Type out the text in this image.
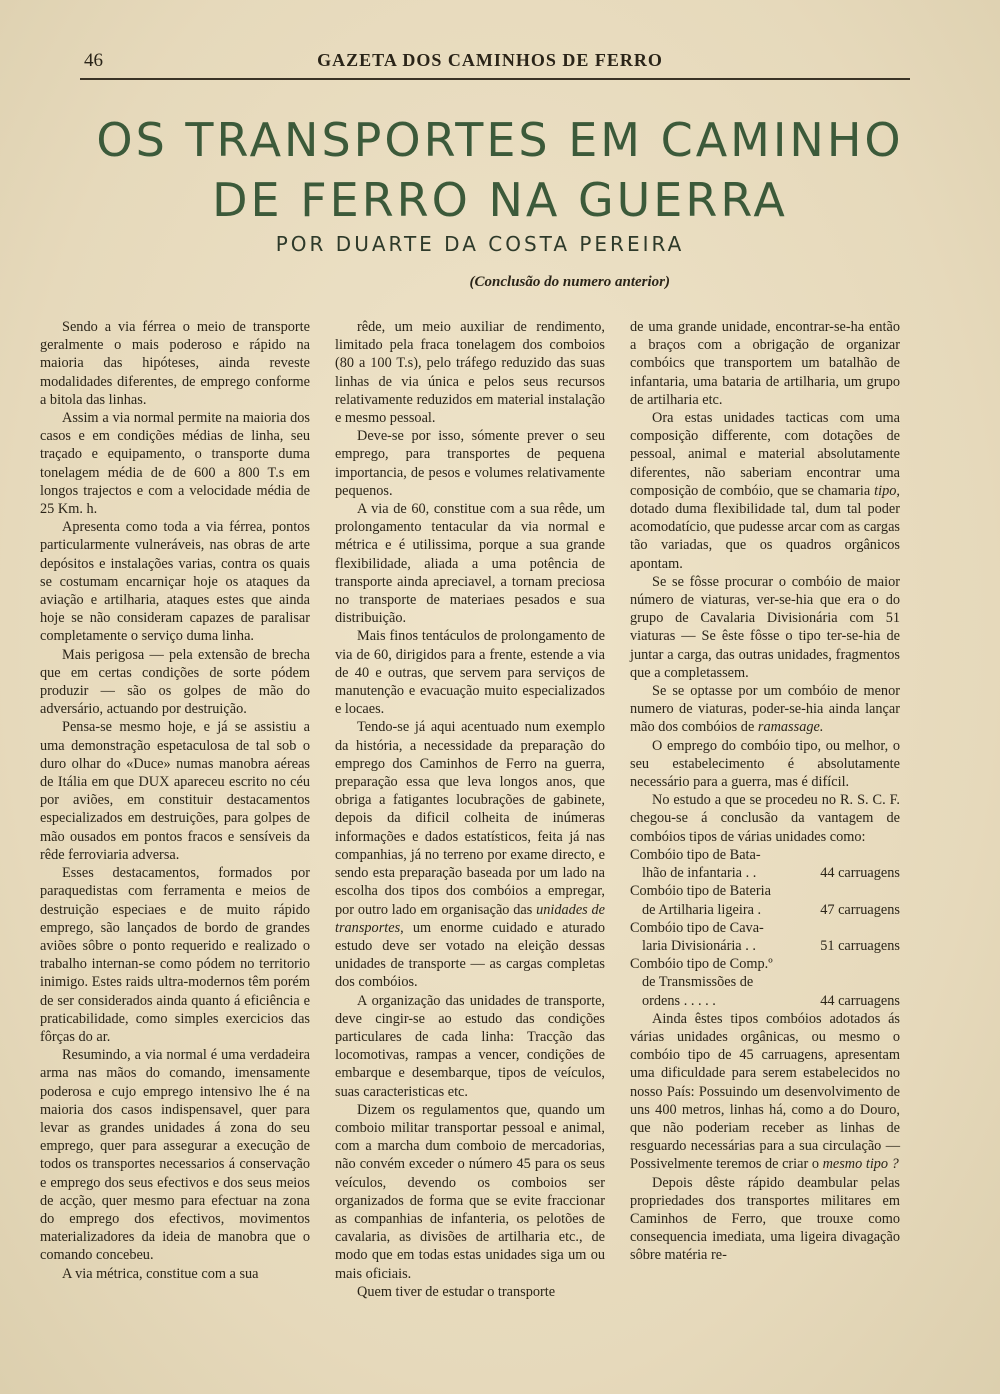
46	GAZETA DOS CAMINHOS DE FERRO
OS TRANSPORTES EM CAMINHO
DE FERRO NA GUERRA
POR DUARTE DA COSTA PEREIRA
(Conclusão do numero anterior)

Sendo a via férrea o meio de transporte geralmente o mais poderoso e rápido na maioria das hipóteses, ainda reveste modalidades diferentes, de emprego conforme a bitola das linhas.

Assim a via normal permite na maioria dos casos e em condições médias de linha, seu traçado e equipamento, o transporte duma tonelagem média de de 600 a 800 T.s em longos trajectos e com a velocidade média de 25 Km. h.

Apresenta como toda a via férrea, pontos particularmente vulneráveis, nas obras de arte depósitos e instalações varias, contra os quais se costumam encarniçar hoje os ataques da aviação e artilharia, ataques estes que ainda hoje se não consideram capazes de paralisar completamente o serviço duma linha.

Mais perigosa — pela extensão de brecha que em certas condições de sorte pódem produzir — são os golpes de mão do adversário, actuando por destruição.

Pensa-se mesmo hoje, e já se assistiu a uma demonstração espetaculosa de tal sob o duro olhar do «Duce» numas manobra aéreas de Itália em que DUX apareceu escrito no céu por aviões, em constituir destacamentos especializados em destruições, para golpes de mão ousados em pontos fracos e sensíveis da rêde ferroviaria adversa.

Esses destacamentos, formados por paraquedistas com ferramenta e meios de destruição especiaes e de muito rápido emprego, são lançados de bordo de grandes aviões sôbre o ponto requerido e realizado o trabalho internan-se como pódem no territorio inimigo. Estes raids ultra-modernos têm porém de ser considerados ainda quanto á eficiência e praticabilidade, como simples exercicios das fôrças do ar.

Resumindo, a via normal é uma verdadeira arma nas mãos do comando, imensamente poderosa e cujo emprego intensivo lhe é na maioria dos casos indispensavel, quer para levar as grandes unidades á zona do seu emprego, quer para assegurar a execução de todos os transportes necessarios á conservação e emprego dos seus efectivos e dos seus meios de acção, quer mesmo para efectuar na zona do emprego dos efectivos, movimentos materializadores da ideia de manobra que o comando concebeu.

A via métrica, constitue com a sua

rêde, um meio auxiliar de rendimento, limitado pela fraca tonelagem dos comboios (80 a 100 T.s), pelo tráfego reduzido das suas linhas de via única e pelos seus recursos relativamente reduzidos em material instalação e mesmo pessoal.

Deve-se por isso, sómente prever o seu emprego, para transportes de pequena importancia, de pesos e volumes relativamente pequenos.

A via de 60, constitue com a sua rêde, um prolongamento tentacular da via normal e métrica e é utilissima, porque a sua grande flexibilidade, aliada a uma potência de transporte ainda apreciavel, a tornam preciosa no transporte de materiaes pesados e sua distribuição.

Mais finos tentáculos de prolongamento de via de 60, dirigidos para a frente, estende a via de 40 e outras, que servem para serviços de manutenção e evacuação muito especializados e locaes.

Tendo-se já aqui acentuado num exemplo da história, a necessidade da preparação do emprego dos Caminhos de Ferro na guerra, preparação essa que leva longos anos, que obriga a fatigantes locubrações de gabinete, depois da dificil colheita de inúmeras informações e dados estatísticos, feita já nas companhias, já no terreno por exame directo, e sendo esta preparação baseada por um lado na escolha dos tipos dos combóios a empregar, por outro lado em organisação das unidades de transportes, um enorme cuidado e aturado estudo deve ser votado na eleição dessas unidades de transporte — as cargas completas dos combóios.

A organização das unidades de transporte, deve cingir-se ao estudo das condições particulares de cada linha: Tracção das locomotivas, rampas a vencer, condições de embarque e desembarque, tipos de veículos, suas caracteristicas etc.

Dizem os regulamentos que, quando um comboio militar transportar pessoal e animal, com a marcha dum comboio de mercadorias, não convém exceder o número 45 para os seus veículos, devendo os comboios ser organizados de forma que se evite fraccionar as companhias de infanteria, os pelotões de cavalaria, as divisões de artilharia etc., de modo que em todas estas unidades siga um ou mais oficiais.

Quem tiver de estudar o transporte

de uma grande unidade, encontrar-se-ha então a braços com a obrigação de organizar combóics que transportem um batalhão de infantaria, uma bataria de artilharia, um grupo de artilharia etc.

Ora estas unidades tacticas com uma composição differente, com dotações de pessoal, animal e material absolutamente diferentes, não saberiam encontrar uma composição de combóio, que se chamaria tipo, dotado duma flexibilidade tal, dum tal poder acomodatício, que pudesse arcar com as cargas tão variadas, que os quadros orgânicos apontam.

Se se fôsse procurar o combóio de maior número de viaturas, ver-se-hia que era o do grupo de Cavalaria Divisionária com 51 viaturas — Se êste fôsse o tipo ter-se-hia de juntar a carga, das outras unidades, fragmentos que a completassem.

Se se optasse por um combóio de menor numero de viaturas, poder-se-hia ainda lançar mão dos combóios de ramassage.

O emprego do combóio tipo, ou melhor, o seu estabelecimento é absolutamente necessário para a guerra, mas é difícil.

No estudo a que se procedeu no R. S. C. F. chegou-se á conclusão da vantagem de combóios tipos de várias unidades como:

Combóio tipo de Bata-
lhão de infantaria . .	44 carruagens
Combóio tipo de Bateria
de Artilharia ligeira .	47 carruagens
Combóio tipo de Cava-
laria Divisionária . .	51 carruagens
Combóio tipo de Comp.º
de Transmissões de
ordens . . . . .	44 carruagens

Ainda êstes tipos combóios adotados ás várias unidades orgânicas, ou mesmo o combóio tipo de 45 carruagens, apresentam uma dificuldade para serem estabelecidos no nosso País: Possuindo um desenvolvimento de uns 400 metros, linhas há, como a do Douro, que não poderiam receber as linhas de resguardo necessárias para a sua circulação — Possivelmente teremos de criar o mesmo tipo ?

Depois dêste rápido deambular pelas propriedades dos transportes militares em Caminhos de Ferro, que trouxe como consequencia imediata, uma ligeira divagação sôbre matéria re-
